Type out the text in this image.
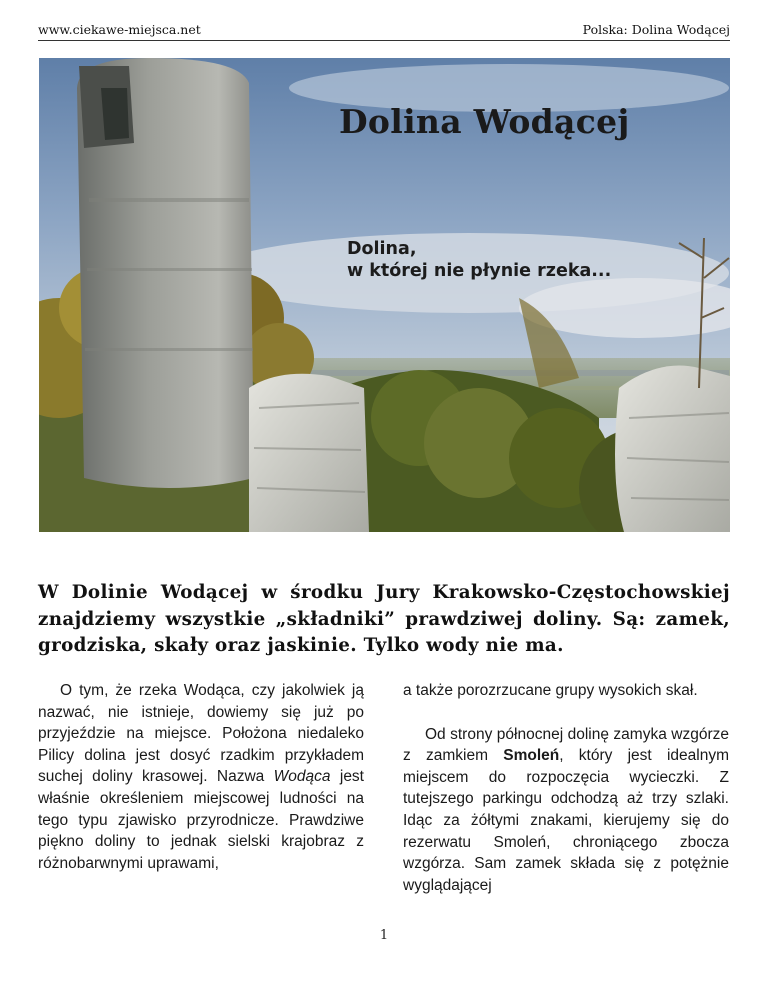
www.ciekawe-miejsca.net	Polska: Dolina Wodącej
Dolina Wodącej
Dolina,
w której nie płynie rzeka...
W Dolinie Wodącej w środku Jury Krakowsko-Częstochowskiej znajdziemy wszystkie „składniki” prawdziwej doliny. Są: zamek, grodziska, skały oraz jaskinie. Tylko wody nie ma.

O tym, że rzeka Wodąca, czy jakolwiek ją nazwać, nie istnieje, dowiemy się już po przyjeździe na miejsce. Położona niedaleko Pilicy dolina jest dosyć rzadkim przykładem suchej doliny krasowej. Nazwa Wodąca jest właśnie określeniem miejscowej ludności na tego typu zjawisko przyrodnicze. Prawdziwe piękno doliny to jednak sielski krajobraz z różnobarwnymi uprawami,

a także porozrzucane grupy wysokich skał.

Od strony północnej dolinę zamyka wzgórze z zamkiem Smoleń, który jest idealnym miejscem do rozpoczęcia wycieczki. Z tutejszego parkingu odchodzą aż trzy szlaki. Idąc za żółtymi znakami, kierujemy się do rezerwatu Smoleń, chroniącego zbocza wzgórza. Sam zamek składa się z potężnie wyglądającej

1
